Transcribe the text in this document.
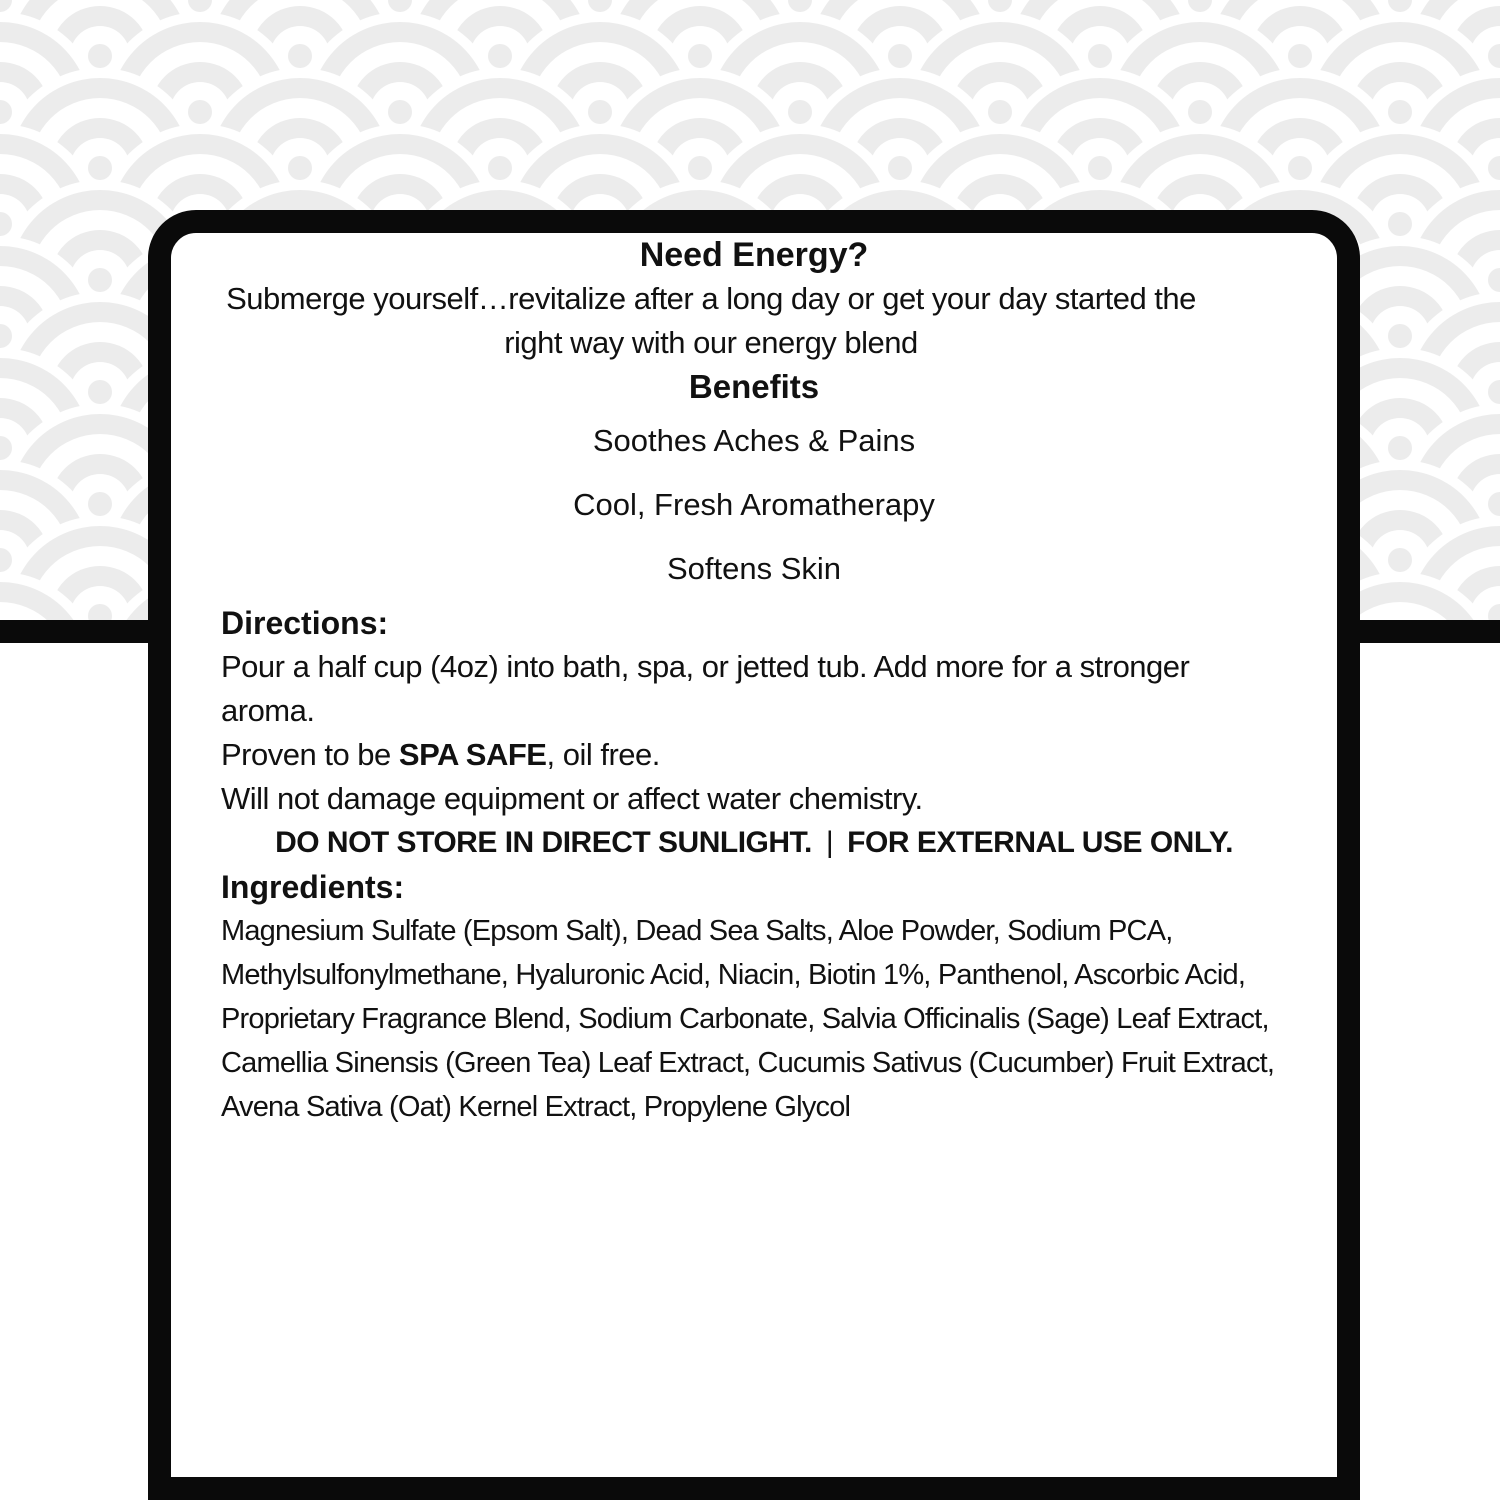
Need Energy?
Submerge yourself…revitalize after a long day or get your day started the right way with our energy blend
Benefits
Soothes Aches & Pains
Cool, Fresh Aromatherapy
Softens Skin
Directions:
Pour a half cup (4oz) into bath, spa, or jetted tub. Add more for a stronger aroma.
Proven to be SPA SAFE, oil free.
Will not damage equipment or affect water chemistry.
DO NOT STORE IN DIRECT SUNLIGHT. | FOR EXTERNAL USE ONLY.
Ingredients:
Magnesium Sulfate (Epsom Salt), Dead Sea Salts, Aloe Powder, Sodium PCA, Methylsulfonylmethane, Hyaluronic Acid, Niacin, Biotin 1%, Panthenol, Ascorbic Acid, Proprietary Fragrance Blend, Sodium Carbonate, Salvia Officinalis (Sage) Leaf Extract, Camellia Sinensis (Green Tea) Leaf Extract, Cucumis Sativus (Cucumber) Fruit Extract, Avena Sativa (Oat) Kernel Extract, Propylene Glycol
